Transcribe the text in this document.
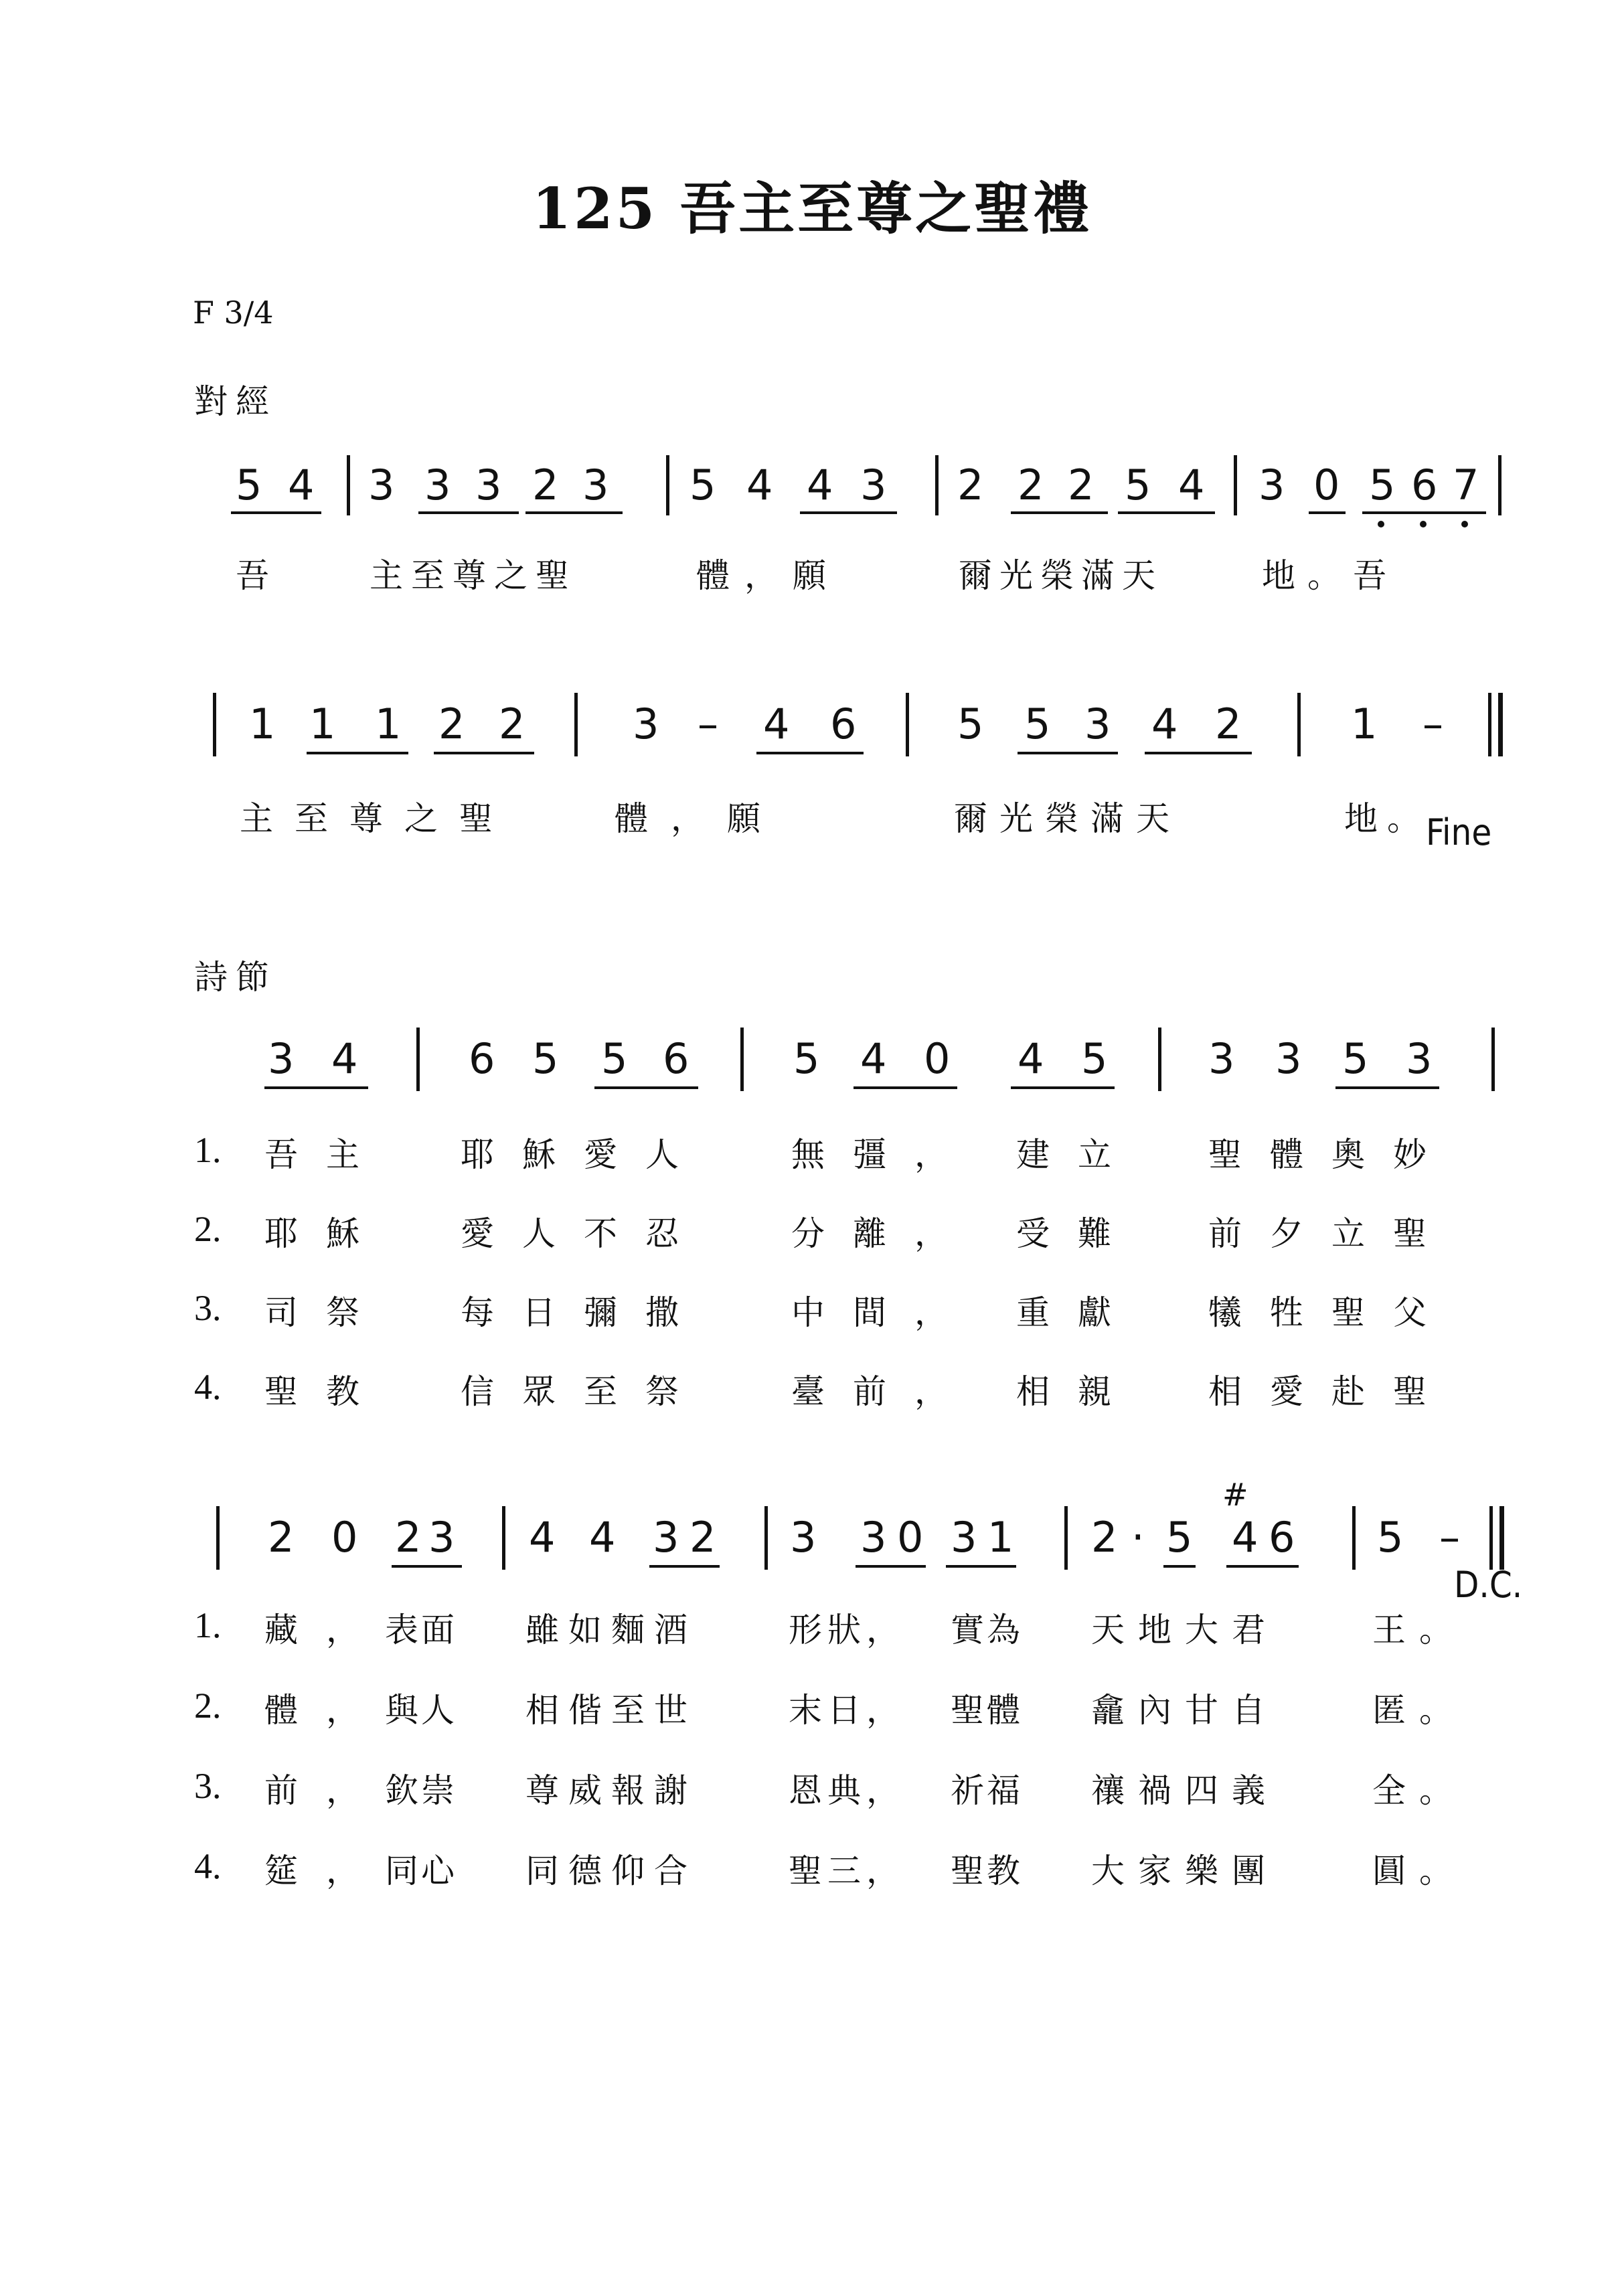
125 吾主至尊之聖禮
F 3/4
對經
5 4 3 3 3 2 3 5 4 4 3 2 2 2 5 4 3 0 5 6 7
吾	主至尊之聖	體，願	爾光榮滿天	地。吾
1 1 1 2 2	3 – 4 6 5 5 3 4 2	1 –
主至尊之聖	體，願	爾光榮滿天	地。
Fine
詩節
3 4	6 5 5 6	5 4 0 4 5 3 3 5 3
1. 吾主 耶穌愛人	無彊， 建立 聖體奧妙
2. 耶穌 愛人不忍	分離， 受難 前夕立聖
3. 司祭 每日彌撒	中間， 重獻 犧牲聖父
4. 聖教 信眾至祭	臺前， 相親 相愛赴聖
2 0 2 3 4 4 3 2 3 3 0 3 1 2 · 5 4 6
#
5 –
D.C.
1. 藏，
表面 雖如麵酒	形狀， 實為 天地大君	王。
2. 體，
與人 相偕至世	末日， 聖體 龕內甘自	匿。
3. 前，
欽崇 尊威報謝	恩典， 祈福 禳禍四義	全。
4. 筵，
同心 同德仰合	聖三， 聖教 大家樂團	圓。
